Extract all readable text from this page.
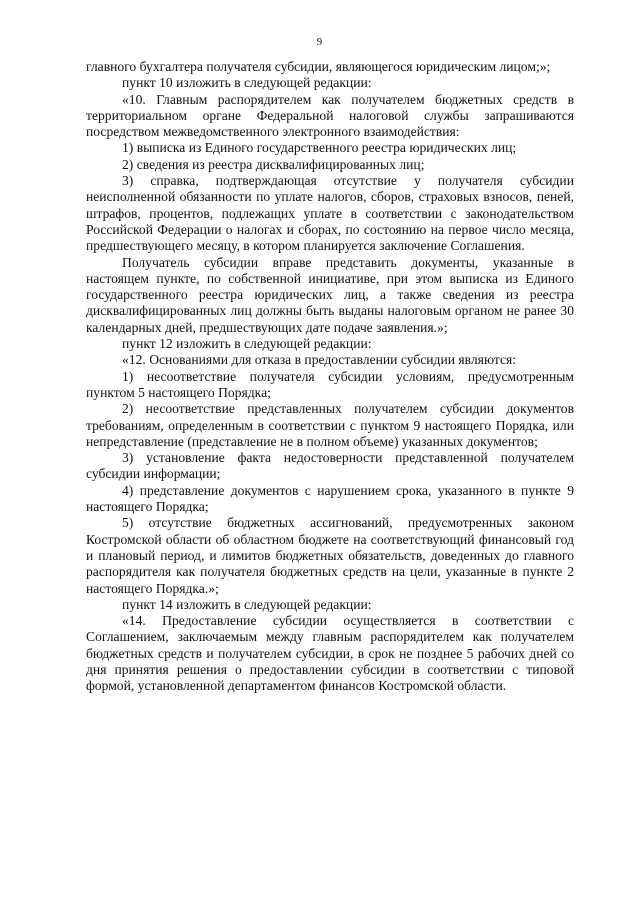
9

главного бухгалтера получателя субсидии, являющегося юридическим лицом;»;

пункт 10 изложить в следующей редакции:

«10. Главным распорядителем как получателем бюджетных средств в территориальном органе Федеральной налоговой службы запрашиваются посредством межведомственного электронного взаимодействия:

1) выписка из Единого государственного реестра юридических лиц;

2) сведения из реестра дисквалифицированных лиц;

3) справка, подтверждающая отсутствие у получателя субсидии неисполненной обязанности по уплате налогов, сборов, страховых взносов, пеней, штрафов, процентов, подлежащих уплате в соответствии с законодательством Российской Федерации о налогах и сборах, по состоянию на первое число месяца, предшествующего месяцу, в котором планируется заключение Соглашения.

Получатель субсидии вправе представить документы, указанные в настоящем пункте, по собственной инициативе, при этом выписка из Единого государственного реестра юридических лиц, а также сведения из реестра дисквалифицированных лиц должны быть выданы налоговым органом не ранее 30 календарных дней, предшествующих дате подаче заявления.»;

пункт 12 изложить в следующей редакции:

«12. Основаниями для отказа в предоставлении субсидии являются:

1) несоответствие получателя субсидии условиям, предусмотренным пунктом 5 настоящего Порядка;

2) несоответствие представленных получателем субсидии документов требованиям, определенным в соответствии с пунктом 9 настоящего Порядка, или непредставление (представление не в полном объеме) указанных документов;

3) установление факта недостоверности представленной получателем субсидии информации;

4) представление документов с нарушением срока, указанного в пункте 9 настоящего Порядка;

5) отсутствие бюджетных ассигнований, предусмотренных законом Костромской области об областном бюджете на соответствующий финансовый год и плановый период, и лимитов бюджетных обязательств, доведенных до главного распорядителя как получателя бюджетных средств на цели, указанные в пункте 2 настоящего Порядка.»;

пункт 14 изложить в следующей редакции:

«14. Предоставление субсидии осуществляется в соответствии с Соглашением, заключаемым между главным распорядителем как получателем бюджетных средств и получателем субсидии, в срок не позднее 5 рабочих дней со дня принятия решения о предоставлении субсидии в соответствии с типовой формой, установленной департаментом финансов Костромской области.
